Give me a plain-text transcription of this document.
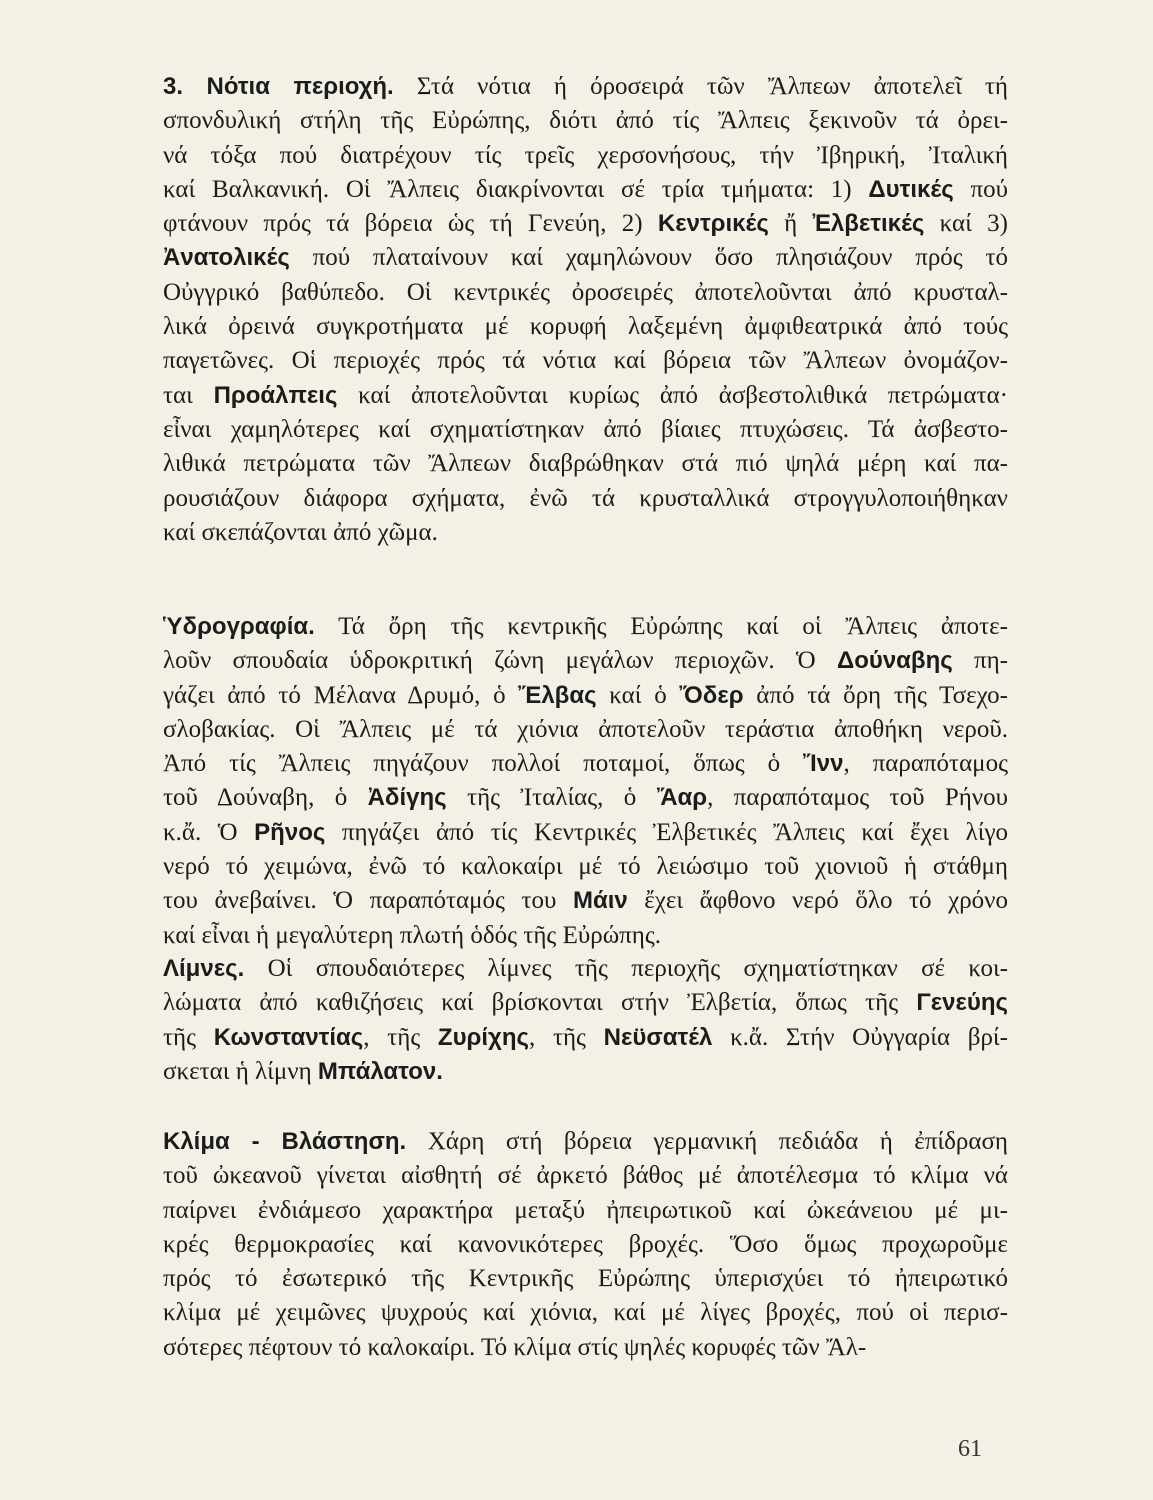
3. Νότια περιοχή. Στά νότια ή όροσειρά τῶν Ἄλπεων ἀποτελεῖ τή
σπονδυλική στήλη τῆς Εὐρώπης, διότι ἀπό τίς Ἄλπεις ξεκινοῦν τά ὀρει-
νά τόξα πού διατρέχουν τίς τρεῖς χερσονήσους, τήν Ἰβηρική, Ἰταλική
καί Βαλκανική. Οἱ Ἄλπεις διακρίνονται σέ τρία τμήματα: 1) Δυτικές πού
φτάνουν πρός τά βόρεια ὡς τή Γενεύη, 2) Κεντρικές ἤ Ἐλβετικές καί 3)
Ἀνατολικές πού πλαταίνουν καί χαμηλώνουν ὅσο πλησιάζουν πρός τό
Οὐγγρικό βαθύπεδο. Οἱ κεντρικές ὀροσειρές ἀποτελοῦνται ἀπό κρυσταλ-
λικά ὀρεινά συγκροτήματα μέ κορυφή λαξεμένη ἀμφιθεατρικά ἀπό τούς
παγετῶνες. Οἱ περιοχές πρός τά νότια καί βόρεια τῶν Ἄλπεων ὀνομάζον-
ται Προάλπεις καί ἀποτελοῦνται κυρίως ἀπό ἀσβεστολιθικά πετρώματα·
εἶναι χαμηλότερες καί σχηματίστηκαν ἀπό βίαιες πτυχώσεις. Τά ἀσβεστο-
λιθικά πετρώματα τῶν Ἄλπεων διαβρώθηκαν στά πιό ψηλά μέρη καί πα-
ρουσιάζουν διάφορα σχήματα, ἐνῶ τά κρυσταλλικά στρογγυλοποιήθηκαν
καί σκεπάζονται ἀπό χῶμα.
Ὑδρογραφία. Τά ὄρη τῆς κεντρικῆς Εὐρώπης καί οἱ Ἄλπεις ἀποτε-
λοῦν σπουδαία ὑδροκριτική ζώνη μεγάλων περιοχῶν. Ὁ Δούναβης πη-
γάζει ἀπό τό Μέλανα Δρυμό, ὁ Ἔλβας καί ὁ Ὄδερ ἀπό τά ὄρη τῆς Τσεχο-
σλοβακίας. Οἱ Ἄλπεις μέ τά χιόνια ἀποτελοῦν τεράστια ἀποθήκη νεροῦ.
Ἀπό τίς Ἄλπεις πηγάζουν πολλοί ποταμοί, ὅπως ὁ Ἴνν, παραπόταμος
τοῦ Δούναβη, ὁ Ἀδίγης τῆς Ἰταλίας, ὁ Ἄαρ, παραπόταμος τοῦ Ρήνου
κ.ἄ. Ὁ Ρῆνος πηγάζει ἀπό τίς Κεντρικές Ἐλβετικές Ἄλπεις καί ἔχει λίγο
νερό τό χειμώνα, ἐνῶ τό καλοκαίρι μέ τό λειώσιμο τοῦ χιονιοῦ ἡ στάθμη
του ἀνεβαίνει. Ὁ παραπόταμός του Μάιν ἔχει ἄφθονο νερό ὅλο τό χρόνο
καί εἶναι ἡ μεγαλύτερη πλωτή ὁδός τῆς Εὐρώπης.
Λίμνες. Οἱ σπουδαιότερες λίμνες τῆς περιοχῆς σχηματίστηκαν σέ κοι-
λώματα ἀπό καθιζήσεις καί βρίσκονται στήν Ἐλβετία, ὅπως τῆς Γενεύης
τῆς Κωνσταντίας, τῆς Ζυρίχης, τῆς Νεϋσατέλ κ.ἄ. Στήν Οὐγγαρία βρί-
σκεται ἡ λίμνη Μπάλατον.
Κλίμα - Βλάστηση. Χάρη στή βόρεια γερμανική πεδιάδα ἡ ἐπίδραση
τοῦ ὠκεανοῦ γίνεται αἰσθητή σέ ἀρκετό βάθος μέ ἀποτέλεσμα τό κλίμα νά
παίρνει ἐνδιάμεσο χαρακτήρα μεταξύ ἠπειρωτικοῦ καί ὠκεάνειου μέ μι-
κρές θερμοκρασίες καί κανονικότερες βροχές. Ὅσο ὅμως προχωροῦμε
πρός τό ἐσωτερικό τῆς Κεντρικῆς Εὐρώπης ὑπερισχύει τό ἠπειρωτικό
κλίμα μέ χειμῶνες ψυχρούς καί χιόνια, καί μέ λίγες βροχές, πού οἱ περισ-
σότερες πέφτουν τό καλοκαίρι. Τό κλίμα στίς ψηλές κορυφές τῶν Ἄλ-
61
